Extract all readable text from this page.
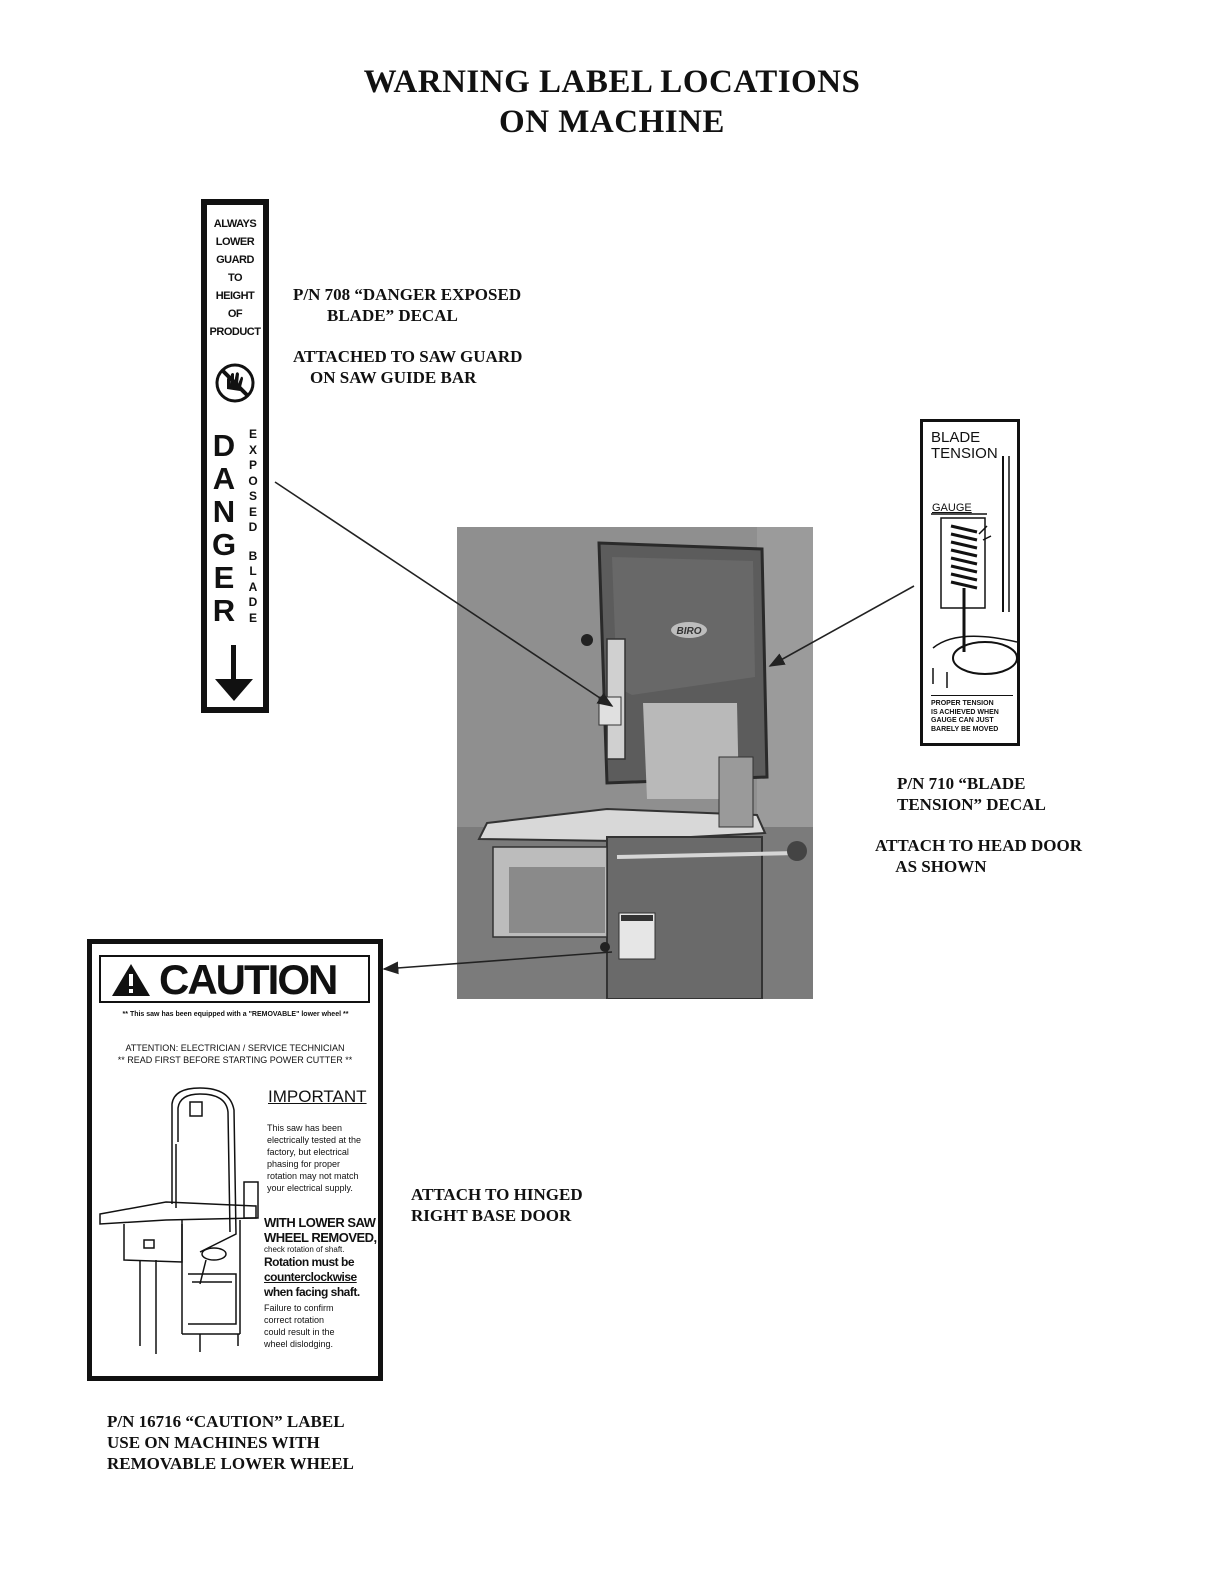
WARNING LABEL LOCATIONS
ON MACHINE
ALWAYS
LOWER
GUARD
TO
HEIGHT
OF
PRODUCT
D
A
N
G
E
R
E
X
P
O
S
E
D
B
L
A
D
E
P/N 708 “DANGER EXPOSED
BLADE” DECAL
ATTACHED TO SAW GUARD
ON SAW GUIDE BAR
BLADE
TENSION
GAUGE
PROPER TENSION
IS ACHIEVED WHEN
GAUGE CAN JUST
BARELY BE MOVED
P/N 710 “BLADE
TENSION” DECAL
ATTACH TO HEAD DOOR
AS SHOWN
BIRO
CAUTION
** This saw has been equipped with a "REMOVABLE" lower wheel **
ATTENTION: ELECTRICIAN / SERVICE TECHNICIAN
** READ FIRST BEFORE STARTING POWER CUTTER **
IMPORTANT
This saw has been
electrically tested at the
factory, but electrical
phasing for proper
rotation may not match
your electrical supply.
WITH LOWER SAW
WHEEL REMOVED,
check rotation of shaft.
Rotation must be
counterclockwise
when facing shaft.
Failure to confirm
correct rotation
could result in the
wheel dislodging.
ATTACH TO HINGED
RIGHT BASE DOOR
P/N 16716 “CAUTION” LABEL
USE ON MACHINES WITH
REMOVABLE LOWER WHEEL
